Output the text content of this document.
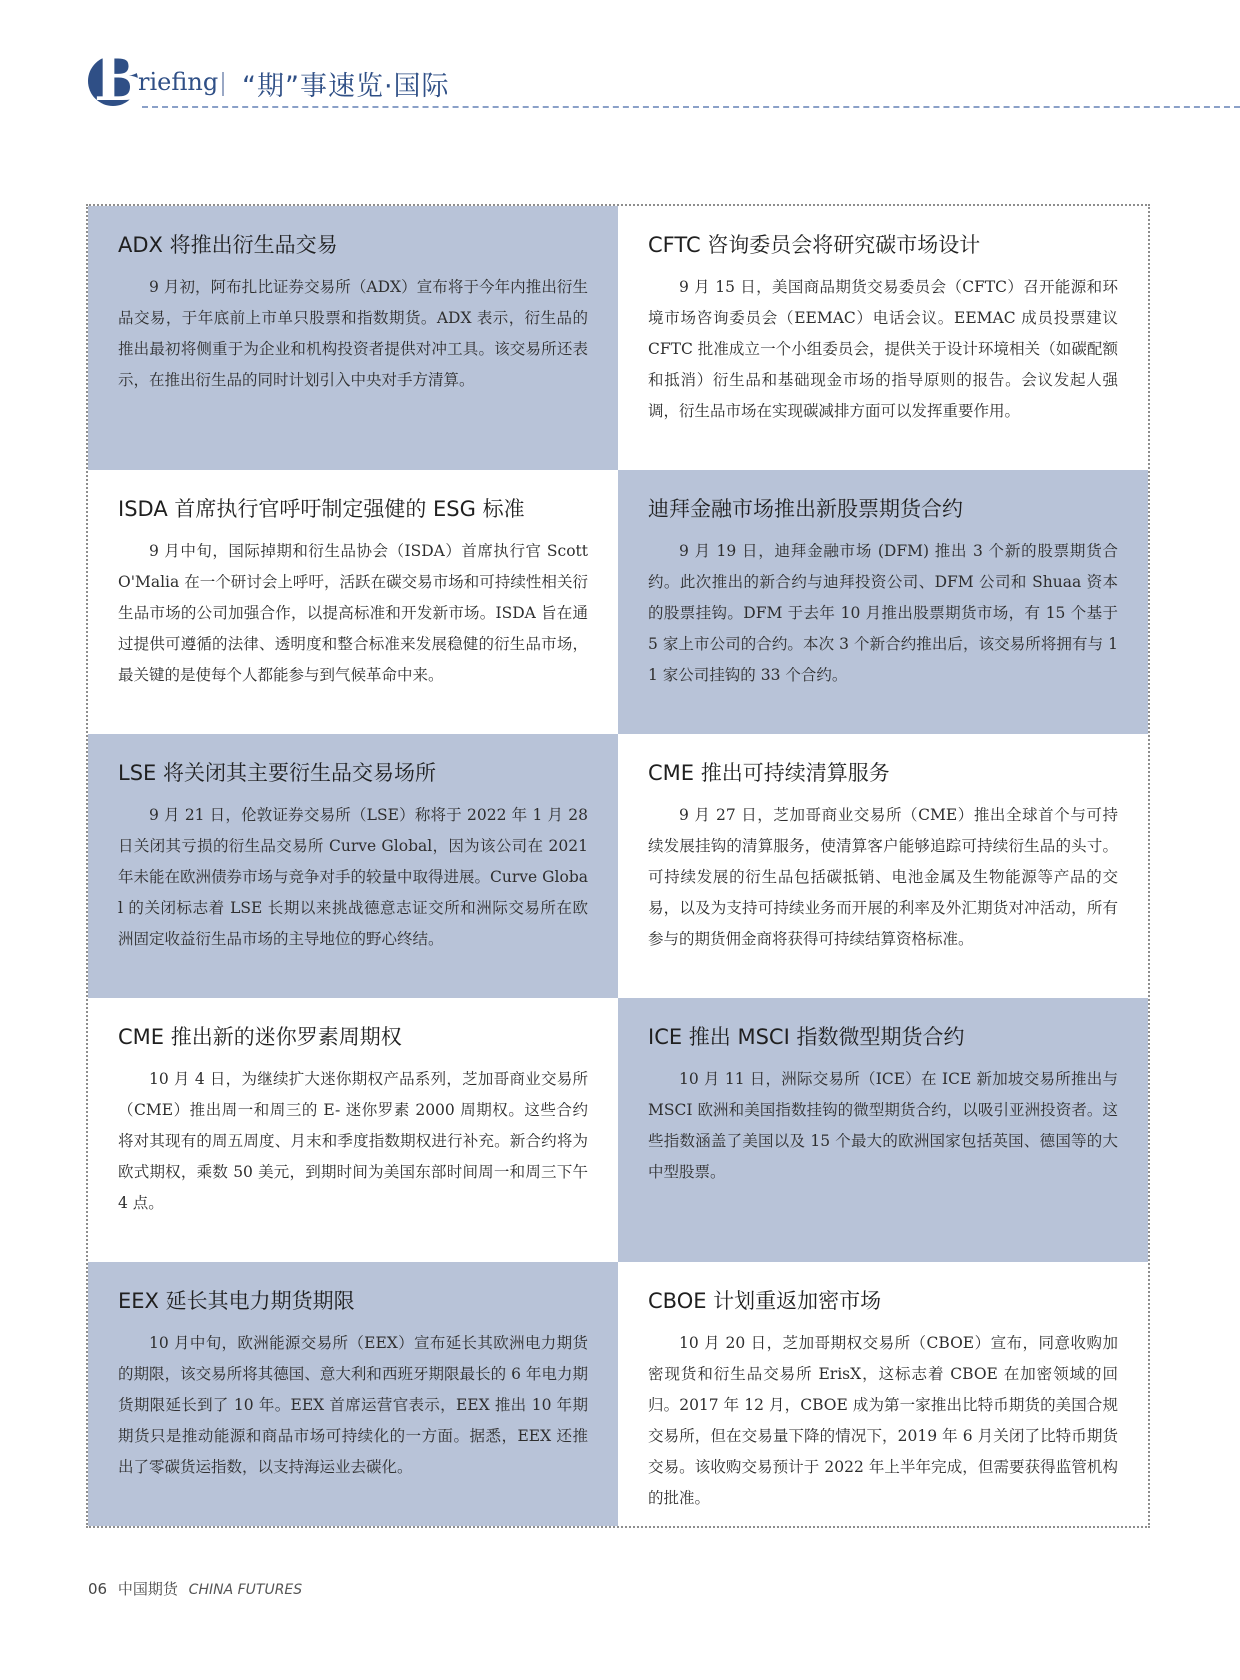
B
riefing “期”事速览·国际
ADX 将推出衍生品交易

9 月初，阿布扎比证券交易所（ADX）宣布将于今年内推出衍生品交易，于年底前上市单只股票和指数期货。ADX 表示，衍生品的推出最初将侧重于为企业和机构投资者提供对冲工具。该交易所还表示，在推出衍生品的同时计划引入中央对手方清算。

CFTC 咨询委员会将研究碳市场设计

9 月 15 日，美国商品期货交易委员会（CFTC）召开能源和环境市场咨询委员会（EEMAC）电话会议。EEMAC 成员投票建议 CFTC 批准成立一个小组委员会，提供关于设计环境相关（如碳配额和抵消）衍生品和基础现金市场的指导原则的报告。会议发起人强调，衍生品市场在实现碳减排方面可以发挥重要作用。

ISDA 首席执行官呼吁制定强健的 ESG 标准

9 月中旬，国际掉期和衍生品协会（ISDA）首席执行官 Scott O'Malia 在一个研讨会上呼吁，活跃在碳交易市场和可持续性相关衍生品市场的公司加强合作，以提高标准和开发新市场。ISDA 旨在通过提供可遵循的法律、透明度和整合标准来发展稳健的衍生品市场，最关键的是使每个人都能参与到气候革命中来。

迪拜金融市场推出新股票期货合约

9 月 19 日，迪拜金融市场 (DFM) 推出 3 个新的股票期货合约。此次推出的新合约与迪拜投资公司、DFM 公司和 Shuaa 资本的股票挂钩。DFM 于去年 10 月推出股票期货市场，有 15 个基于 5 家上市公司的合约。本次 3 个新合约推出后，该交易所将拥有与 11 家公司挂钩的 33 个合约。

LSE 将关闭其主要衍生品交易场所

9 月 21 日，伦敦证券交易所（LSE）称将于 2022 年 1 月 28 日关闭其亏损的衍生品交易所 Curve Global，因为该公司在 2021 年未能在欧洲债券市场与竞争对手的较量中取得进展。Curve Global 的关闭标志着 LSE 长期以来挑战德意志证交所和洲际交易所在欧洲固定收益衍生品市场的主导地位的野心终结。

CME 推出可持续清算服务

9 月 27 日，芝加哥商业交易所（CME）推出全球首个与可持续发展挂钩的清算服务，使清算客户能够追踪可持续衍生品的头寸。可持续发展的衍生品包括碳抵销、电池金属及生物能源等产品的交易，以及为支持可持续业务而开展的利率及外汇期货对冲活动，所有参与的期货佣金商将获得可持续结算资格标准。

CME 推出新的迷你罗素周期权

10 月 4 日，为继续扩大迷你期权产品系列，芝加哥商业交易所（CME）推出周一和周三的 E- 迷你罗素 2000 周期权。这些合约将对其现有的周五周度、月末和季度指数期权进行补充。新合约将为欧式期权，乘数 50 美元，到期时间为美国东部时间周一和周三下午 4 点。

ICE 推出 MSCI 指数微型期货合约

10 月 11 日，洲际交易所（ICE）在 ICE 新加坡交易所推出与 MSCI 欧洲和美国指数挂钩的微型期货合约，以吸引亚洲投资者。这些指数涵盖了美国以及 15 个最大的欧洲国家包括英国、德国等的大中型股票。

EEX 延长其电力期货期限

10 月中旬，欧洲能源交易所（EEX）宣布延长其欧洲电力期货的期限，该交易所将其德国、意大利和西班牙期限最长的 6 年电力期货期限延长到了 10 年。EEX 首席运营官表示，EEX 推出 10 年期期货只是推动能源和商品市场可持续化的一方面。据悉，EEX 还推出了零碳货运指数，以支持海运业去碳化。

CBOE 计划重返加密市场

10 月 20 日，芝加哥期权交易所（CBOE）宣布，同意收购加密现货和衍生品交易所 ErisX，这标志着 CBOE 在加密领域的回归。2017 年 12 月，CBOE 成为第一家推出比特币期货的美国合规交易所，但在交易量下降的情况下，2019 年 6 月关闭了比特币期货交易。该收购交易预计于 2022 年上半年完成，但需要获得监管机构的批准。

06 中国期货 CHINA FUTURES
